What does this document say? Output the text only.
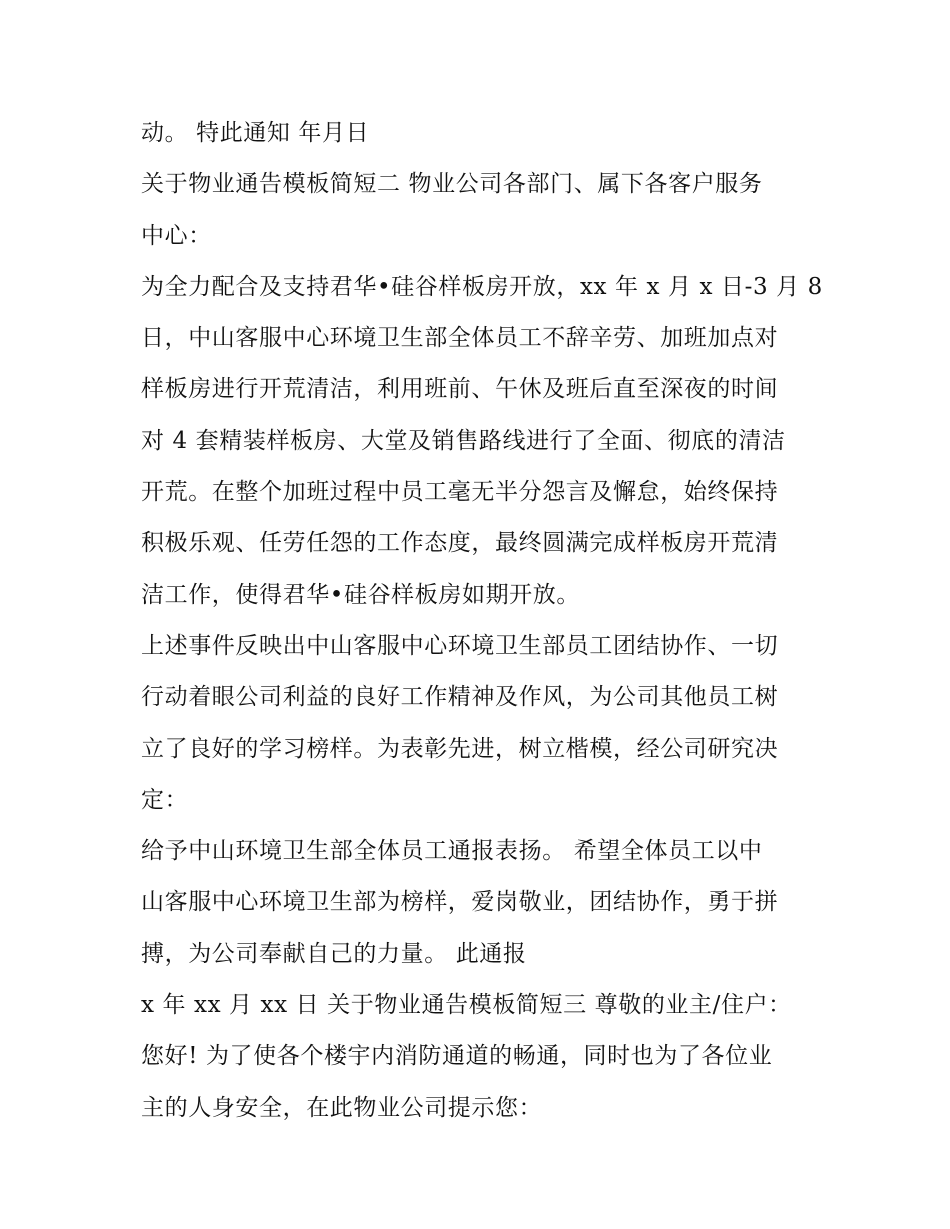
动。 特此通知 年月日
关于物业通告模板简短二 物业公司各部门、属下各客户服务
中心：
为全力配合及支持君华•硅谷样板房开放，xx 年 x 月 x 日-3 月 8
日，中山客服中心环境卫生部全体员工不辞辛劳、加班加点对
样板房进行开荒清洁，利用班前、午休及班后直至深夜的时间
对 4 套精装样板房、大堂及销售路线进行了全面、彻底的清洁
开荒。在整个加班过程中员工毫无半分怨言及懈怠，始终保持
积极乐观、任劳任怨的工作态度，最终圆满完成样板房开荒清
洁工作，使得君华•硅谷样板房如期开放。
上述事件反映出中山客服中心环境卫生部员工团结协作、一切
行动着眼公司利益的良好工作精神及作风，为公司其他员工树
立了良好的学习榜样。为表彰先进，树立楷模，经公司研究决
定：
给予中山环境卫生部全体员工通报表扬。 希望全体员工以中
山客服中心环境卫生部为榜样，爱岗敬业，团结协作，勇于拼
搏，为公司奉献自己的力量。 此通报
x 年 xx 月 xx 日 关于物业通告模板简短三 尊敬的业主/住户：
您好! 为了使各个楼宇内消防通道的畅通，同时也为了各位业
主的人身安全，在此物业公司提示您：
